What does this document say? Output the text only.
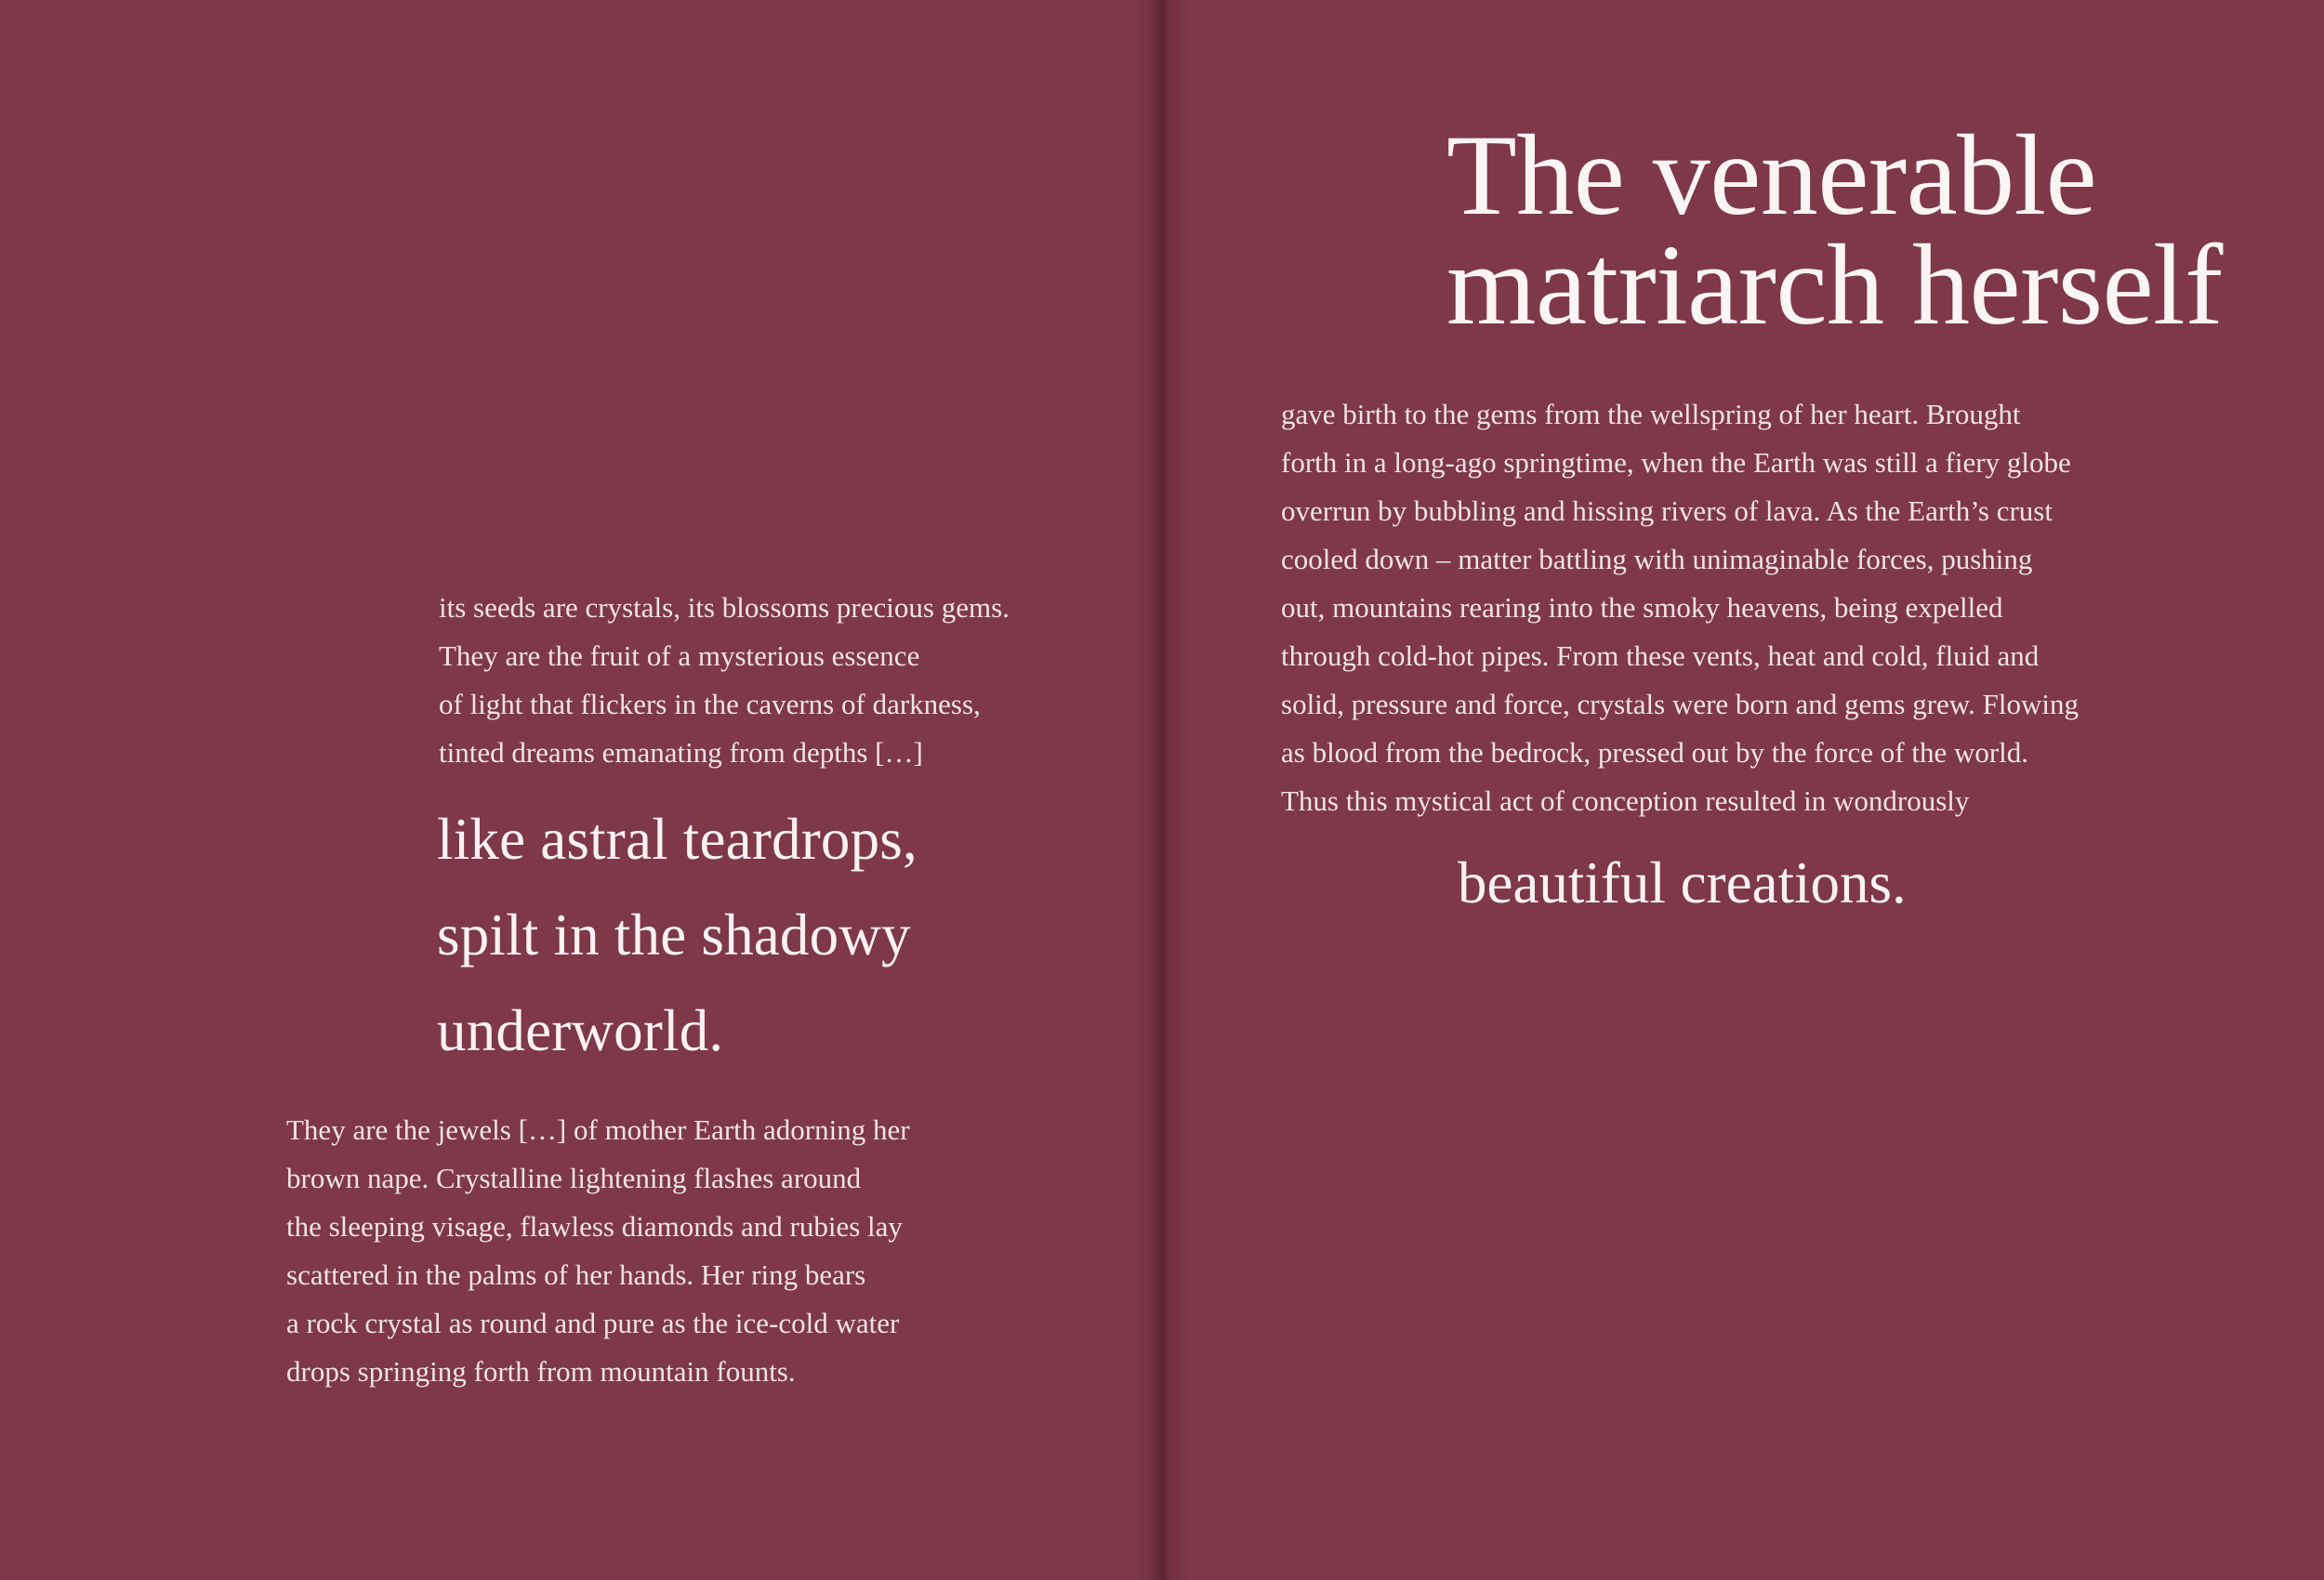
its seeds are crystals, its blossoms precious gems.
They are the fruit of a mysterious essence
of light that flickers in the caverns of darkness,
tinted dreams emanating from depths […]

like astral teardrops,
spilt in the shadowy
underworld.

They are the jewels […] of mother Earth adorning her
brown nape. Crystalline lightening flashes around
the sleeping visage, flawless diamonds and rubies lay
scattered in the palms of her hands. Her ring bears
a rock crystal as round and pure as the ice-cold water
drops springing forth from mountain founts.

The venerable
matriarch herself

gave birth to the gems from the wellspring of her heart. Brought
forth in a long-ago springtime, when the Earth was still a fiery globe
overrun by bubbling and hissing rivers of lava. As the Earth’s crust
cooled down – matter battling with unimaginable forces, pushing
out, mountains rearing into the smoky heavens, being expelled
through cold-hot pipes. From these vents, heat and cold, fluid and
solid, pressure and force, crystals were born and gems grew. Flowing
as blood from the bedrock, pressed out by the force of the world.
Thus this mystical act of conception resulted in wondrously

beautiful creations.
